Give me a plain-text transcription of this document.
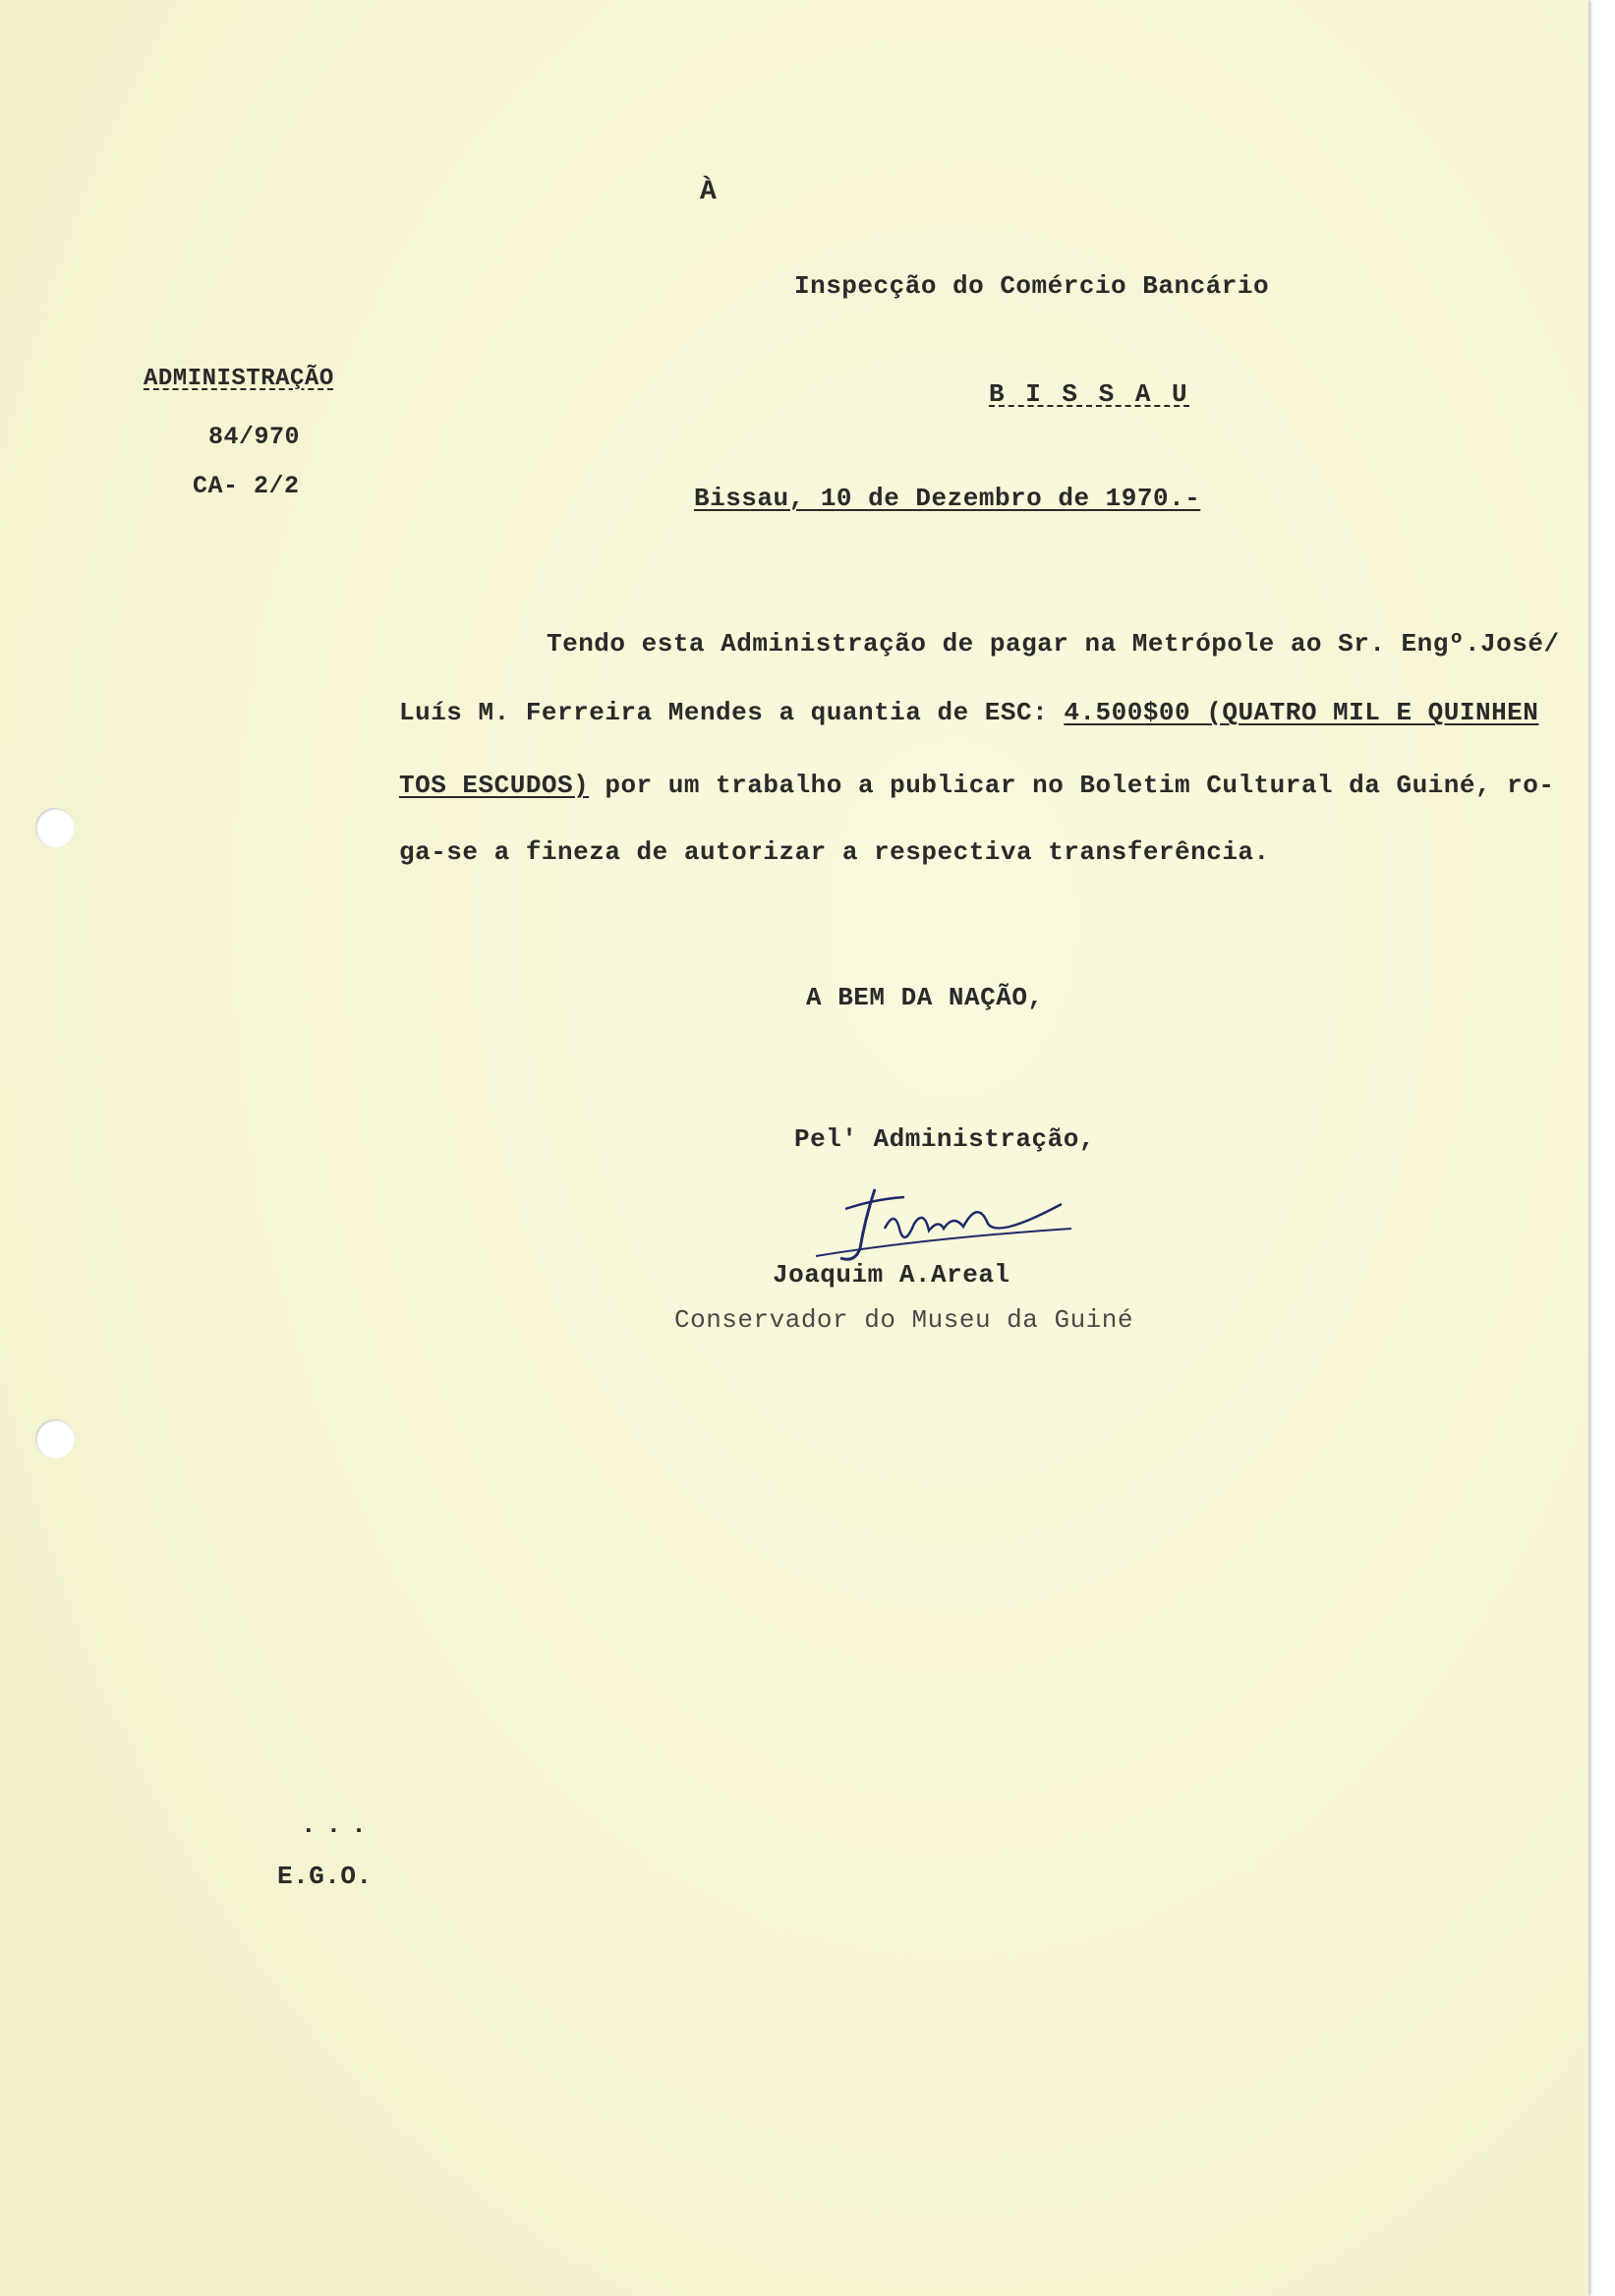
À
Inspecção do Comércio Bancário
ADMINISTRAÇÃO
84/970
CA- 2/2
B I S S A U
Bissau, 10 de Dezembro de 1970.-
Tendo esta Administração de pagar na Metrópole ao Sr. Engº.José/
Luís M. Ferreira Mendes a quantia de ESC: 4.500$00 (QUATRO MIL E QUINHEN
TOS ESCUDOS) por um trabalho a publicar no Boletim Cultural da Guiné, ro-
ga-se a fineza de autorizar a respectiva transferência.
A BEM DA NAÇÃO,
Pel' Administração,
Joaquim A.Areal
Conservador do Museu da Guiné
...
E.G.O.
